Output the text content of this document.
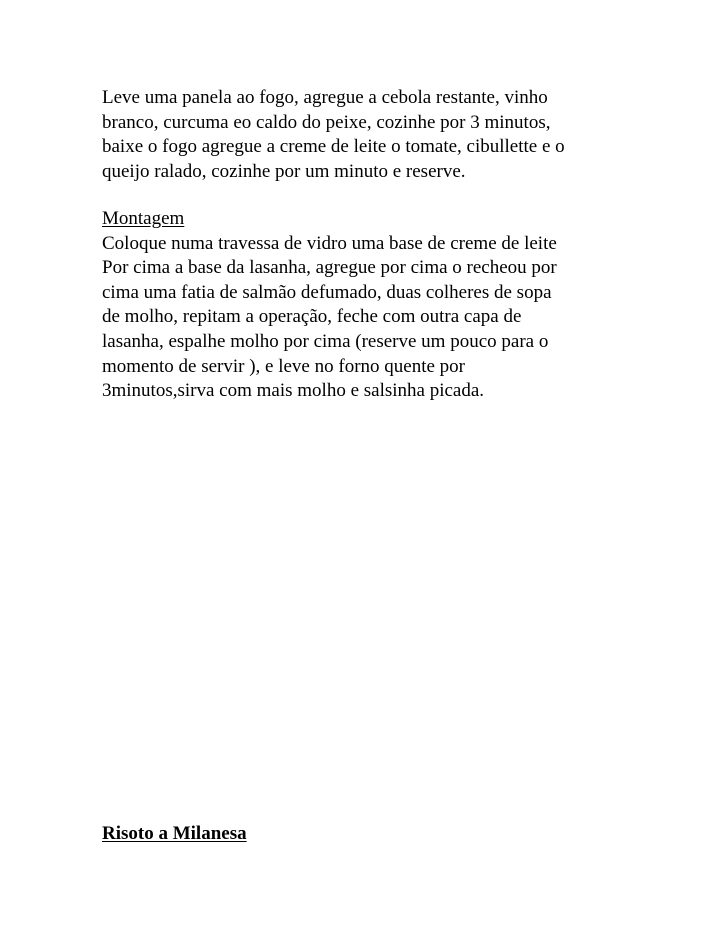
Leve uma panela ao fogo, agregue a cebola restante, vinho
branco, curcuma eo caldo do peixe, cozinhe por 3 minutos,
baixe o fogo agregue a creme de leite o tomate, cibullette e o
queijo ralado, cozinhe por um minuto e reserve.
Montagem
Coloque numa travessa de vidro uma base de creme de leite
Por cima a base da lasanha, agregue por cima o recheou por
cima uma fatia de salmão defumado, duas colheres de sopa
de molho, repitam a operação, feche com outra capa de
lasanha, espalhe molho por cima (reserve um pouco para o
momento de servir ), e leve no forno quente por
3minutos,sirva com mais molho e salsinha picada.
Risoto a Milanesa
